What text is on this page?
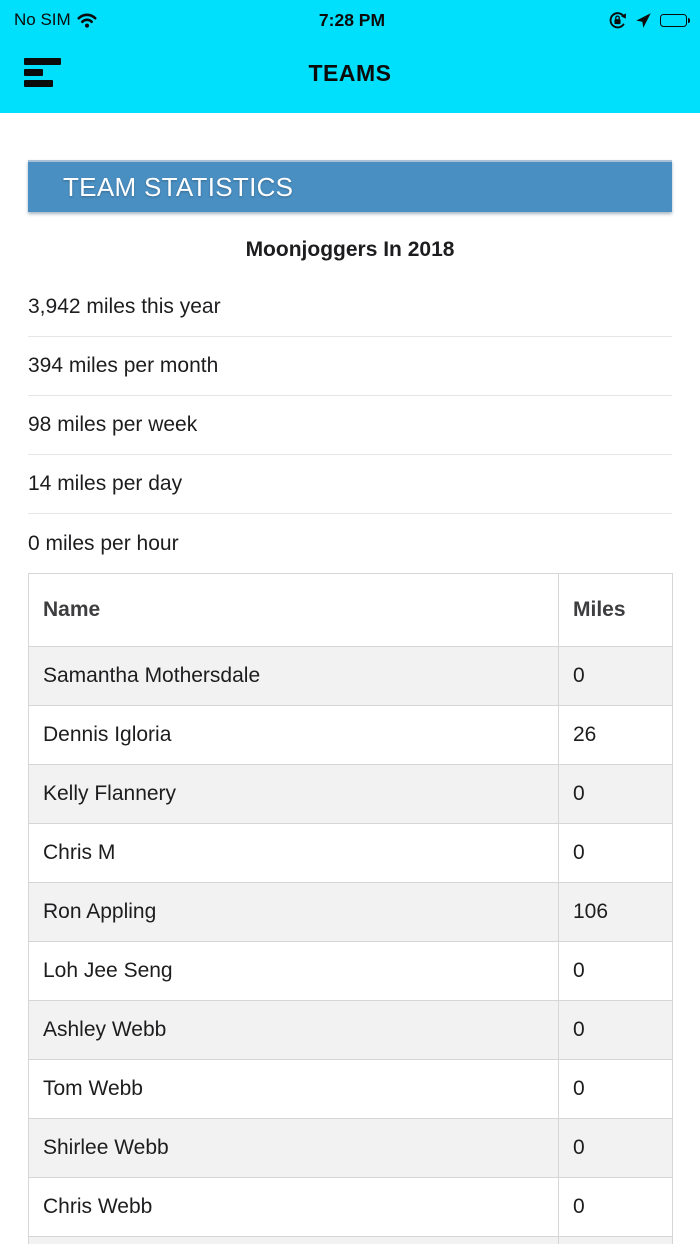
No SIM	7:28 PM
TEAMS
TEAM STATISTICS
Moonjoggers In 2018
3,942 miles this year
394 miles per month
98 miles per week
14 miles per day
0 miles per hour
Name	Miles
Samantha Mothersdale	0
Dennis Igloria	26
Kelly Flannery	0
Chris M	0
Ron Appling	106
Loh Jee Seng	0
Ashley Webb	0
Tom Webb	0
Shirlee Webb	0
Chris Webb	0
